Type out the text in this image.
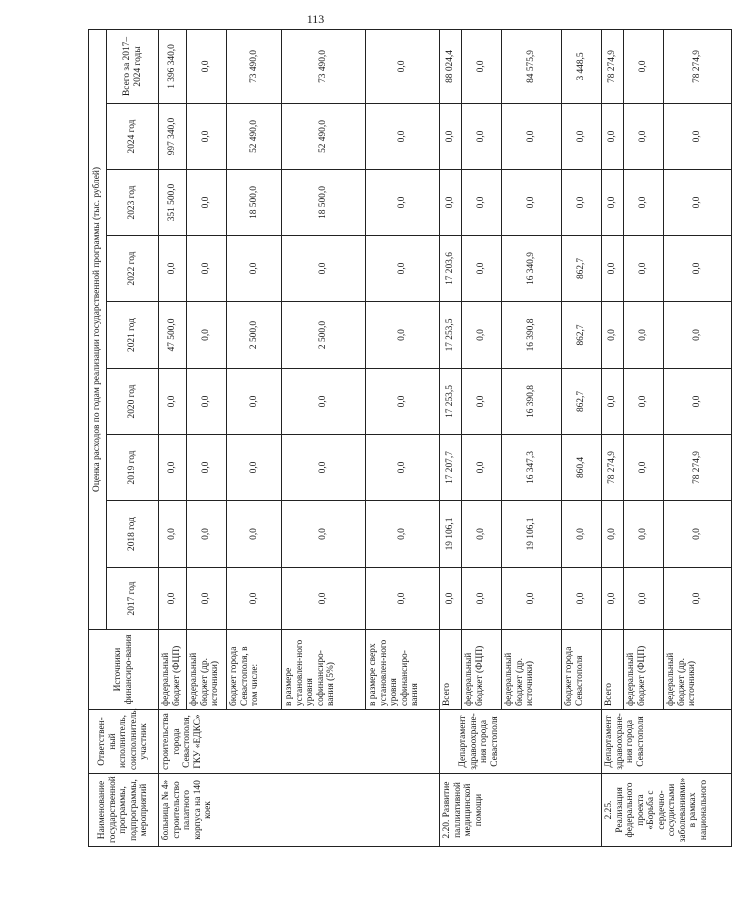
113
Наименование государственной программы, подпрограммы, мероприятий	Ответствен-ный исполнитель, соисполнитель, участник	Источники финансиро-вания	Оценка расходов по годам реализации государственной программы (тыс. рублей)								
			2017 год	2018 год	2019 год	2020 год	2021 год	2022 год	2023 год	2024 год	Всего за 2017–2024 годы
больница № 4» строительство палатного корпуса на 140 коек	строительства города Севастополя, ГКУ «ЕДКС»	федеральный бюджет (ФЦП)	0,0	0,0	0,0	0,0	47 500,0	0,0	351 500,0	997 340,0	1 396 340,0
		федеральный бюджет (др. источники)	0,0	0,0	0,0	0,0	0,0	0,0	0,0	0,0	0,0
		бюджет города Севастополя, в том числе:	0,0	0,0	0,0	0,0	2 500,0	0,0	18 500,0	52 490,0	73 490,0
		в размере установлен-ного уровня софинансиро-вания (5%)	0,0	0,0	0,0	0,0	2 500,0	0,0	18 500,0	52 490,0	73 490,0
		в размере сверх установлен-ного уровня софинансиро-вания	0,0	0,0	0,0	0,0	0,0	0,0	0,0	0,0	0,0
2.20. Развитие паллиативной медицинской помощи	Департамент здравоохране-ния города Севастополя	Всего	0,0	19 106,1	17 207,7	17 253,5	17 253,5	17 203,6	0,0	0,0	88 024,4
		федеральный бюджет (ФЦП)	0,0	0,0	0,0	0,0	0,0	0,0	0,0	0,0	0,0
		федеральный бюджет (др. источники)	0,0	19 106,1	16 347,3	16 390,8	16 390,8	16 340,9	0,0	0,0	84 575,9
		бюджет города Севастополя	0,0	0,0	860,4	862,7	862,7	862,7	0,0	0,0	3 448,5
2.25. Реализация федерального проекта «Борьба с сердечно-сосудистыми заболеваниями» в рамках национального	Департамент здравоохране-ния города Севастополя	Всего	0,0	0,0	78 274,9	0,0	0,0	0,0	0,0	0,0	78 274,9
		федеральный бюджет (ФЦП)	0,0	0,0	0,0	0,0	0,0	0,0	0,0	0,0	0,0
		федеральный бюджет (др. источники)	0,0	0,0	78 274,9	0,0	0,0	0,0	0,0	0,0	78 274,9
